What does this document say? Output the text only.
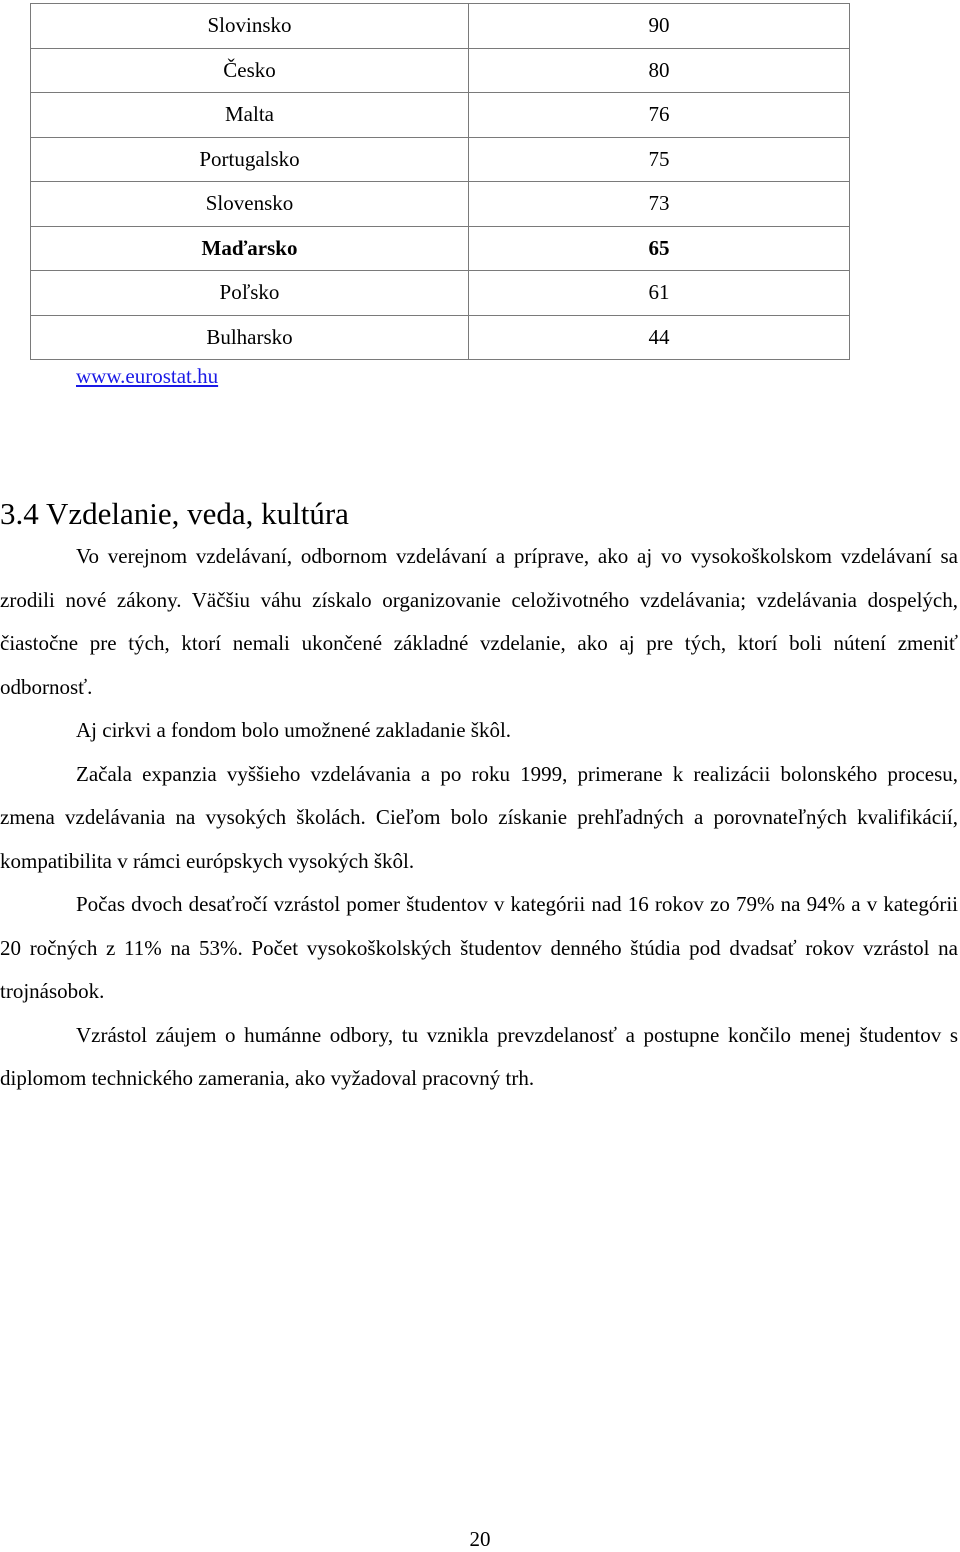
Slovinsko	90
Česko	80
Malta	76
Portugalsko	75
Slovensko	73
Maďarsko	65
Poľsko	61
Bulharsko	44
www.eurostat.hu
3.4 Vzdelanie, veda, kultúra

Vo verejnom vzdelávaní, odbornom vzdelávaní a príprave, ako aj vo vysokoškolskom vzdelávaní sa zrodili nové zákony. Väčšiu váhu získalo organizovanie celoživotného vzdelávania; vzdelávania dospelých, čiastočne pre tých, ktorí nemali ukončené základné vzdelanie, ako aj pre tých, ktorí boli nútení zmeniť odbornosť.

Aj cirkvi a fondom bolo umožnené zakladanie škôl.

Začala expanzia vyššieho vzdelávania a po roku 1999, primerane k realizácii bolonského procesu, zmena vzdelávania na vysokých školách. Cieľom bolo získanie prehľadných a porovnateľných kvalifikácií, kompatibilita v rámci európskych vysokých škôl.

Počas dvoch desaťročí vzrástol pomer študentov v kategórii nad 16 rokov zo 79% na 94% a v kategórii 20 ročných z 11% na 53%. Počet vysokoškolských študentov denného štúdia pod dvadsať rokov vzrástol na trojnásobok.

Vzrástol záujem o humánne odbory, tu vznikla prevzdelanosť a postupne končilo menej študentov s diplomom technického zamerania, ako vyžadoval pracovný trh.

20
